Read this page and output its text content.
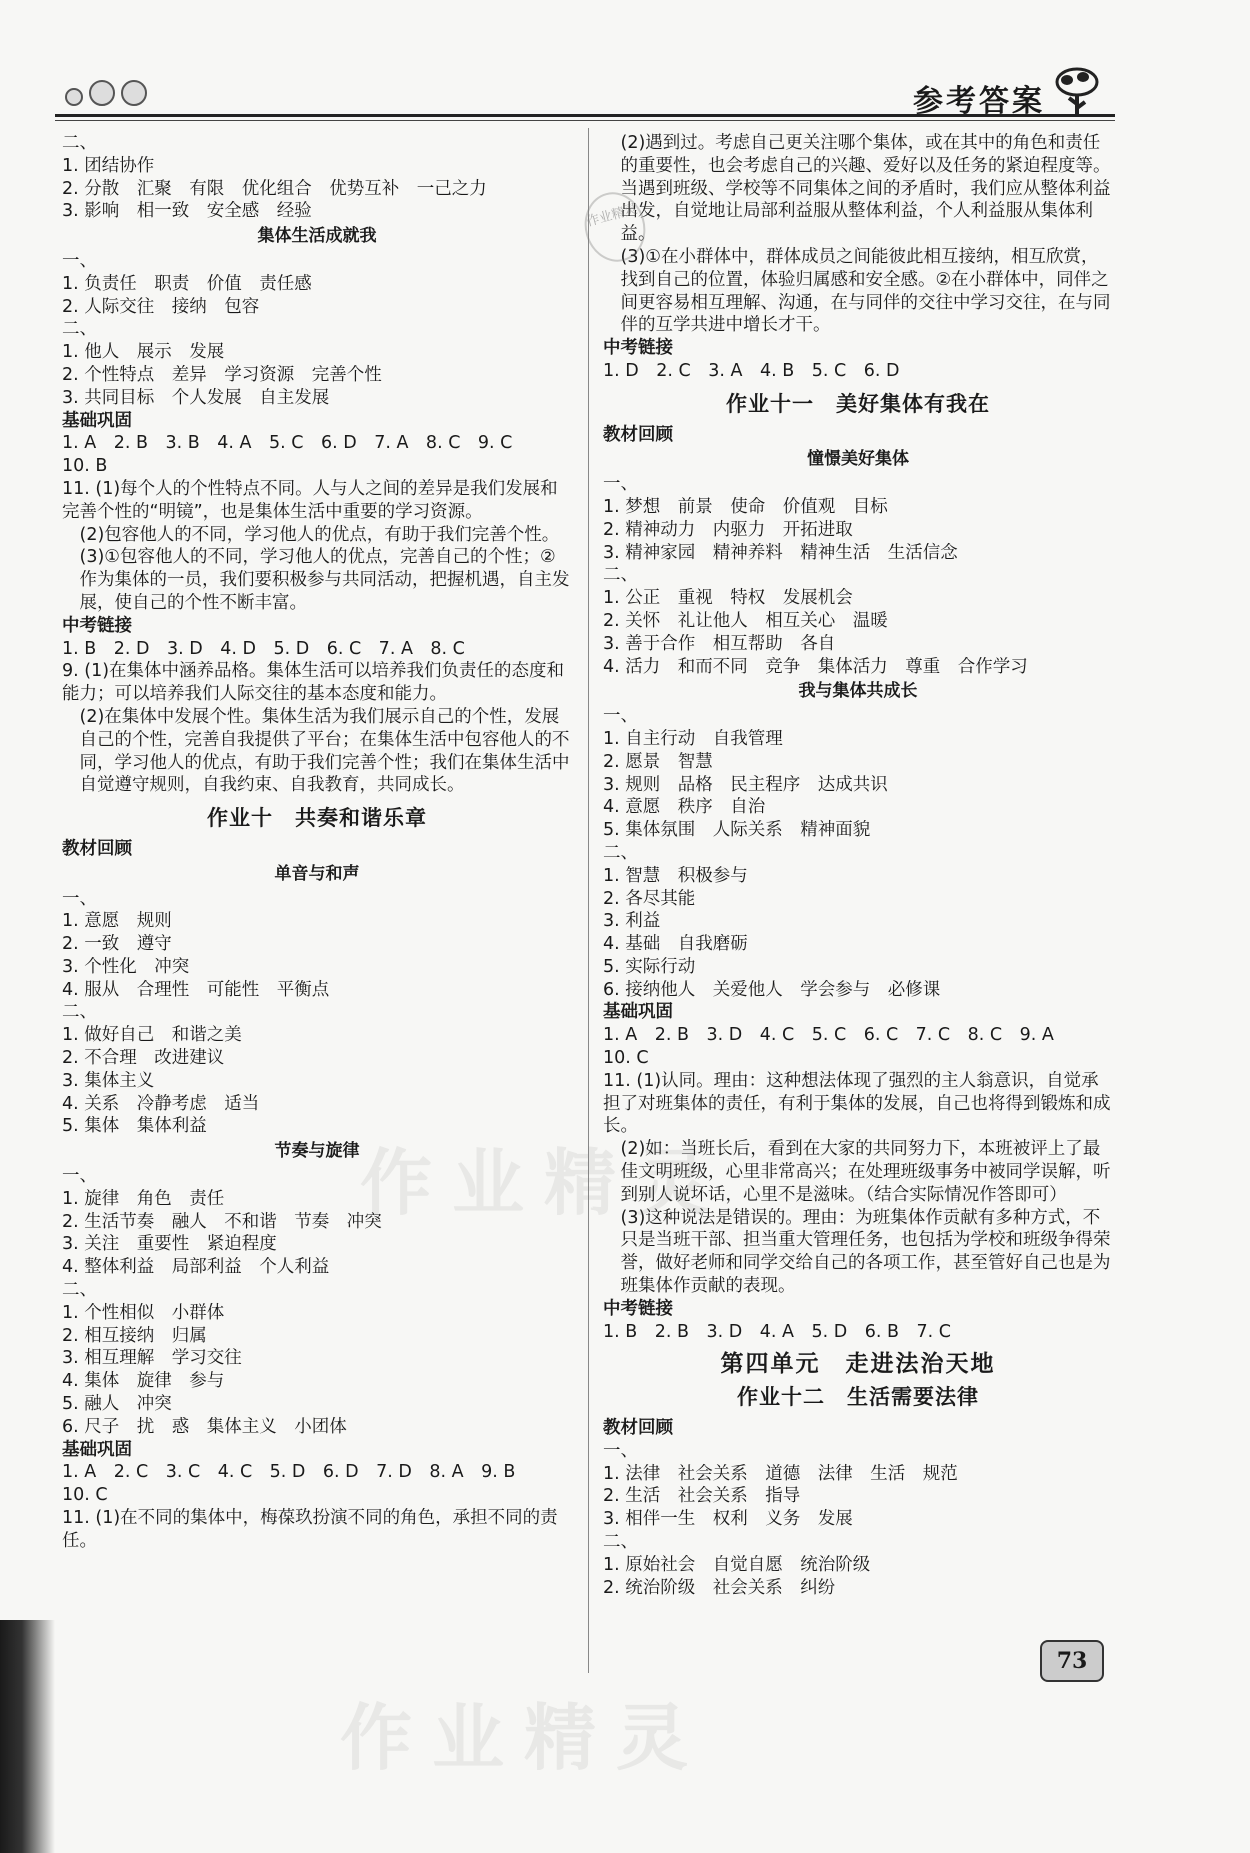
参考答案
二、
1. 团结协作
2. 分散　汇聚　有限　优化组合　优势互补　一己之力
3. 影响　相一致　安全感　经验
集体生活成就我
一、
1. 负责任　职责　价值　责任感
2. 人际交往　接纳　包容
二、
1. 他人　展示　发展
2. 个性特点　差异　学习资源　完善个性
3. 共同目标　个人发展　自主发展
基础巩固
1. A　2. B　3. B　4. A　5. C　6. D　7. A　8. C　9. C
10. B
11. (1)每个人的个性特点不同。人与人之间的差异是我们发展和完善个性的“明镜”，也是集体生活中重要的学习资源。
(2)包容他人的不同，学习他人的优点，有助于我们完善个性。
(3)①包容他人的不同，学习他人的优点，完善自己的个性；②作为集体的一员，我们要积极参与共同活动，把握机遇，自主发展，使自己的个性不断丰富。
中考链接
1. B　2. D　3. D　4. D　5. D　6. C　7. A　8. C
9. (1)在集体中涵养品格。集体生活可以培养我们负责任的态度和能力；可以培养我们人际交往的基本态度和能力。
(2)在集体中发展个性。集体生活为我们展示自己的个性，发展自己的个性，完善自我提供了平台；在集体生活中包容他人的不同，学习他人的优点，有助于我们完善个性；我们在集体生活中自觉遵守规则，自我约束、自我教育，共同成长。
作业十　共奏和谐乐章
教材回顾
单音与和声
一、
1. 意愿　规则
2. 一致　遵守
3. 个性化　冲突
4. 服从　合理性　可能性　平衡点
二、
1. 做好自己　和谐之美
2. 不合理　改进建议
3. 集体主义
4. 关系　冷静考虑　适当
5. 集体　集体利益
节奏与旋律
一、
1. 旋律　角色　责任
2. 生活节奏　融人　不和谐　节奏　冲突
3. 关注　重要性　紧迫程度
4. 整体利益　局部利益　个人利益
二、
1. 个性相似　小群体
2. 相互接纳　归属
3. 相互理解　学习交往
4. 集体　旋律　参与
5. 融人　冲突
6. 尺子　扰　惑　集体主义　小团体
基础巩固
1. A　2. C　3. C　4. C　5. D　6. D　7. D　8. A　9. B
10. C
11. (1)在不同的集体中，梅葆玖扮演不同的角色，承担不同的责任。
(2)遇到过。考虑自己更关注哪个集体，或在其中的角色和责任的重要性，也会考虑自己的兴趣、爱好以及任务的紧迫程度等。当遇到班级、学校等不同集体之间的矛盾时，我们应从整体利益出发，自觉地让局部利益服从整体利益，个人利益服从集体利益。
(3)①在小群体中，群体成员之间能彼此相互接纳，相互欣赏，找到自己的位置，体验归属感和安全感。②在小群体中，同伴之间更容易相互理解、沟通，在与同伴的交往中学习交往，在与同伴的互学共进中增长才干。
中考链接
1. D　2. C　3. A　4. B　5. C　6. D
作业十一　美好集体有我在
教材回顾
憧憬美好集体
一、
1. 梦想　前景　使命　价值观　目标
2. 精神动力　内驱力　开拓进取
3. 精神家园　精神养料　精神生活　生活信念
二、
1. 公正　重视　特权　发展机会
2. 关怀　礼让他人　相互关心　温暖
3. 善于合作　相互帮助　各自
4. 活力　和而不同　竞争　集体活力　尊重　合作学习
我与集体共成长
一、
1. 自主行动　自我管理
2. 愿景　智慧
3. 规则　品格　民主程序　达成共识
4. 意愿　秩序　自治
5. 集体氛围　人际关系　精神面貌
二、
1. 智慧　积极参与
2. 各尽其能
3. 利益
4. 基础　自我磨砺
5. 实际行动
6. 接纳他人　关爱他人　学会参与　必修课
基础巩固
1. A　2. B　3. D　4. C　5. C　6. C　7. C　8. C　9. A
10. C
11. (1)认同。理由：这种想法体现了强烈的主人翁意识，自觉承担了对班集体的责任，有利于集体的发展，自己也将得到锻炼和成长。
(2)如：当班长后，看到在大家的共同努力下，本班被评上了最佳文明班级，心里非常高兴；在处理班级事务中被同学误解，听到别人说坏话，心里不是滋味。（结合实际情况作答即可）
(3)这种说法是错误的。理由：为班集体作贡献有多种方式，不只是当班干部、担当重大管理任务，也包括为学校和班级争得荣誉，做好老师和同学交给自己的各项工作，甚至管好自己也是为班集体作贡献的表现。
中考链接
1. B　2. B　3. D　4. A　5. D　6. B　7. C
第四单元　走进法治天地
作业十二　生活需要法律
教材回顾
一、
1. 法律　社会关系　道德　法律　生活　规范
2. 生活　社会关系　指导
3. 相伴一生　权利　义务　发展
二、
1. 原始社会　自觉自愿　统治阶级
2. 统治阶级　社会关系　纠纷
作业精灵
作业精灵
作业精灵
73
